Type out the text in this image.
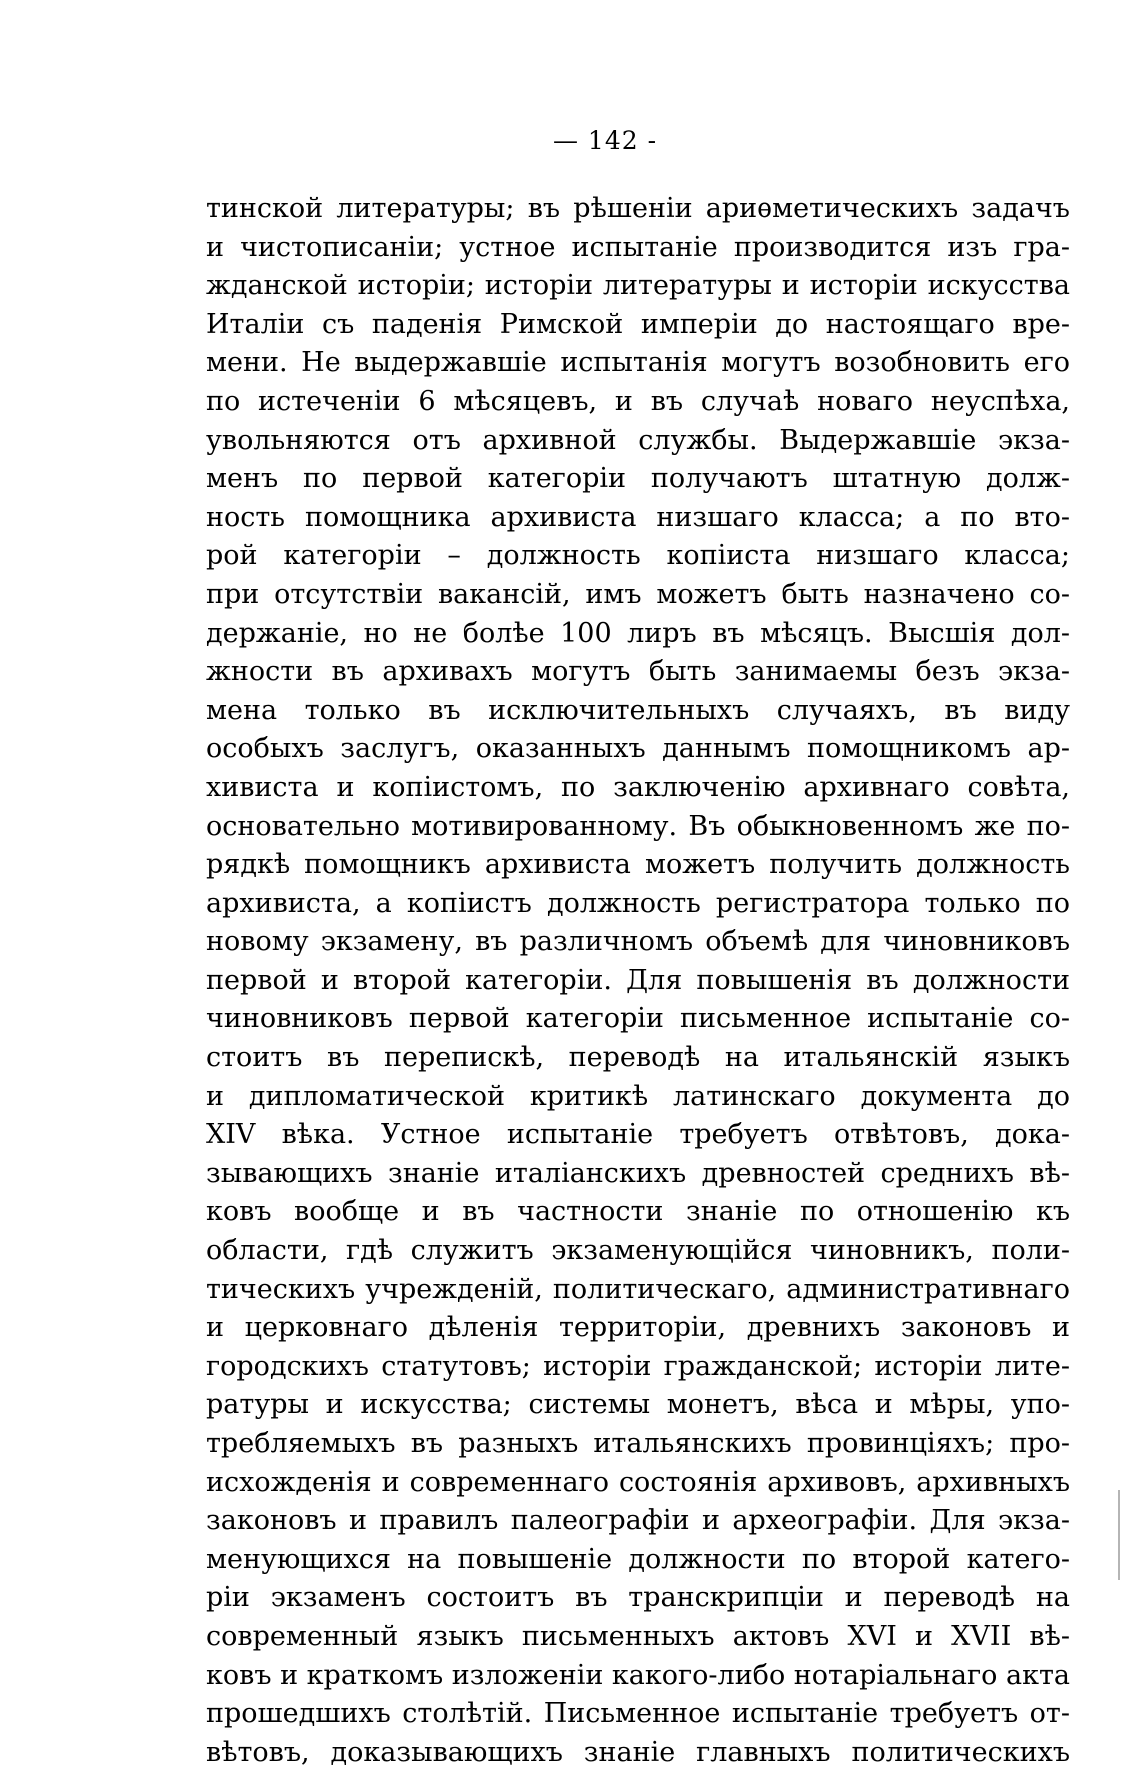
— 142 -
тинской литературы; въ рѣшеніи ариѳметическихъ задачъ
и чистописаніи; устное испытаніе производится изъ гра-
жданской исторіи; исторіи литературы и исторіи искусства
Италіи съ паденія Римской имперіи до настоящаго вре-
мени. Не выдержавшіе испытанія могутъ возобновить его
по истеченіи 6 мѣсяцевъ, и въ случаѣ новаго неуспѣха,
увольняются отъ архивной службы. Выдержавшіе экза-
менъ по первой категоріи получаютъ штатную долж-
ность помощника архивиста низшаго класса; а по вто-
рой категоріи – должность копіиста низшаго класса;
при отсутствіи вакансій, имъ можетъ быть назначено со-
держаніе, но не болѣе 100 лиръ въ мѣсяцъ. Высшія дол-
жности въ архивахъ могутъ быть занимаемы безъ экза-
мена только въ исключительныхъ случаяхъ, въ виду
особыхъ заслугъ, оказанныхъ даннымъ помощникомъ ар-
хивиста и копіистомъ, по заключенію архивнаго совѣта,
основательно мотивированному. Въ обыкновенномъ же по-
рядкѣ помощникъ архивиста можетъ получить должность
архивиста, а копіистъ должность регистратора только по
новому экзамену, въ различномъ объемѣ для чиновниковъ
первой и второй категоріи. Для повышенія въ должности
чиновниковъ первой категоріи письменное испытаніе со-
стоитъ въ перепискѣ, переводѣ на итальянскій языкъ
и дипломатической критикѣ латинскаго документа до
XIV вѣка. Устное испытаніе требуетъ отвѣтовъ, дока-
зывающихъ знаніе италіанскихъ древностей среднихъ вѣ-
ковъ вообще и въ частности знаніе по отношенію къ
области, гдѣ служитъ экзаменующійся чиновникъ, поли-
тическихъ учрежденій, политическаго, административнаго
и церковнаго дѣленія территоріи, древнихъ законовъ и
городскихъ статутовъ; исторіи гражданской; исторіи лите-
ратуры и искусства; системы монетъ, вѣса и мѣры, упо-
требляемыхъ въ разныхъ итальянскихъ провинціяхъ; про-
исхожденія и современнаго состоянія архивовъ, архивныхъ
законовъ и правилъ палеографіи и археографіи. Для экза-
менующихся на повышеніе должности по второй катего-
ріи экзаменъ состоитъ въ транскрипціи и переводѣ на
современный языкъ письменныхъ актовъ XVI и XVII вѣ-
ковъ и краткомъ изложеніи какого-либо нотаріальнаго акта
прошедшихъ столѣтій. Письменное испытаніе требуетъ от-
вѣтовъ, доказывающихъ знаніе главныхъ политическихъ
